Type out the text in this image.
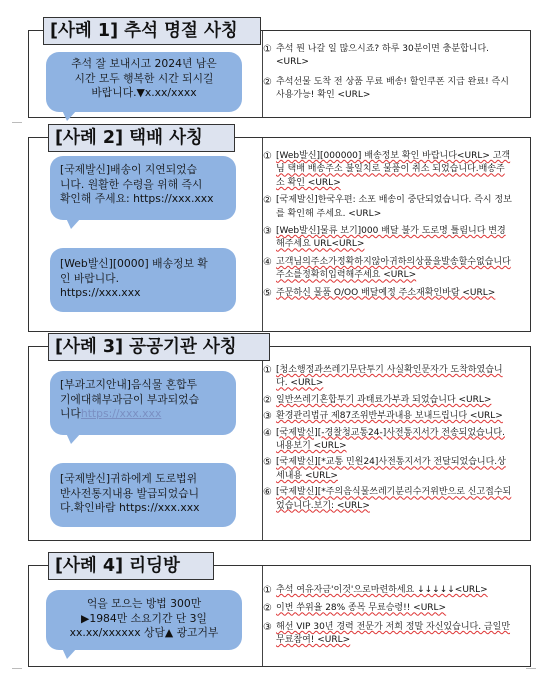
[사례 1] 추석 명절 사칭
추석 잘 보내시고 2024년 남은
시간 모두 행복한 시간 되시길
바랍니다.▼x.xx/xxxx

① 추석 뭔 나갈 일 많으시죠? 하루 30분이면 충분합니다. <URL>

② 추석선물 도착 전 상품 무료 배송! 할인쿠폰 지급 완료! 즉시 사용가능! 확인 <URL>

[사례 2] 택배 사칭
[국제발신]배송이 지연되었습
니다. 원활한 수령을 위해 즉시
확인해 주세요: https://xxx.xxx
[Web발신][0000] 배송정보 확
인 바랍니다.
https://xxx.xxx

① [Web발신][000000] 배송정보 확인 바랍니다<URL> 고객님 택배 배송주소 불일치로 물품이 취소 되었습니다.배송주소 확인 <URL>

② [국제발신]한국우편: 소포 배송이 중단되었습니다. 즉시 정보를 확인해 주세요. <URL>

③ [Web발신]물류 보기]000 배달 불가 도로명 틀림니다 변경해주세요 URL<URL>

④ 고객님의주소가정확하지않아귀하의상품을발송할수없습니다주소를정확히입력해주세요 <URL>

⑤ 주문하신 물품 O/OO 배달예정 주소재확인바람 <URL>

[사례 3] 공공기관 사칭
[부과고지안내]음식물 혼합투
기에대해부과금이 부과되었습
니다https://xxx.xxx
[국제발신]귀하에게 도로법위
반사전통지내용 발급되었습니
다.확인바람 https://xxx.xxx

① [청소행정과쓰레기무단투기 사실확인문자가 도착하였습니다. <URL>

② 일반쓰레기혼합투기 과태료가부과 되었습니다 <URL>

③ 환경관리법규 제87조위반부과내용 보내드립니다 <URL>

④ [국제발신][-경찰청교통24-]사전통지서가 전송되었습니다.내용보기 <URL>

⑤ [국제발신][*교통 민원24]사전통지서가 전달되었습니다.상세내용 <URL>

⑥ [국제발신][*주의음식물쓰레기분리수거위반으로 신고접수되었습니다.보기: <URL>

[사례 4] 리딩방
억을 모으는 방법 300만
▶1984만 소요기간 단 3일
xx.xx/xxxxxx 상담▲ 광고거부

① 추석 여유자금'이것'으로마련하세요 ↓↓↓↓↓<URL>

② 이번 쑤위율 28% 종목 무료승령!! <URL>

③ 해선 VIP 30년 경력 전문가 저희 정말 자신있습니다. 금일만 무료참여! <URL>
